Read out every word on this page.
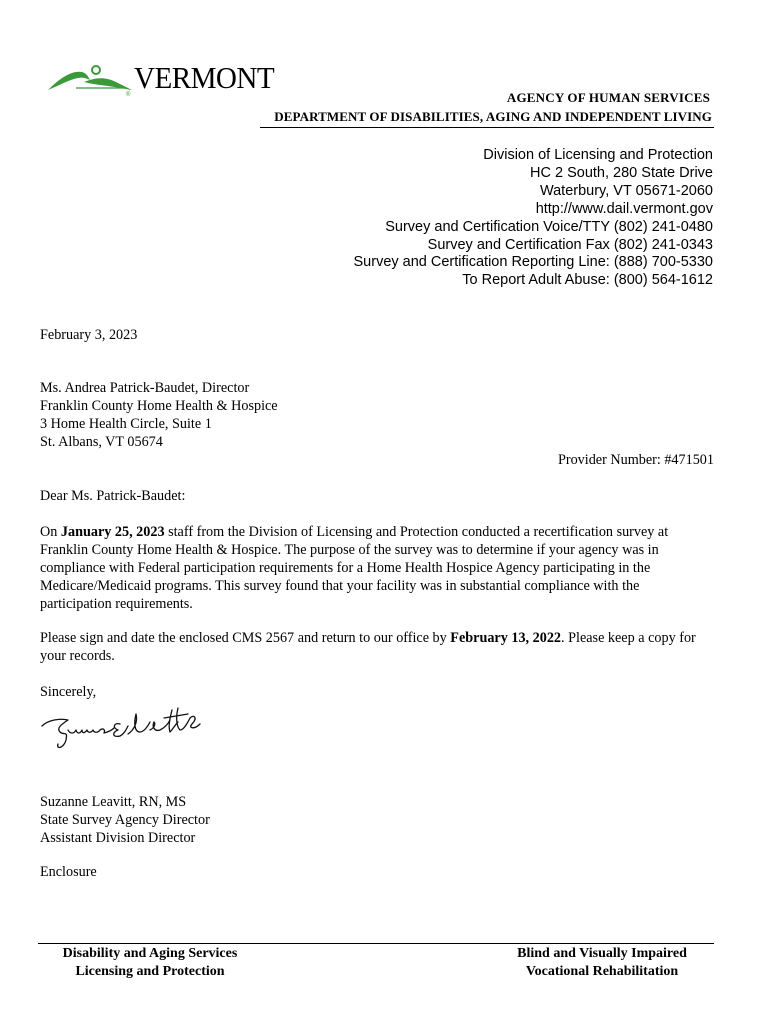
® VERMONT
AGENCY OF HUMAN SERVICES
DEPARTMENT OF DISABILITIES, AGING AND INDEPENDENT LIVING
Division of Licensing and Protection
HC 2 South, 280 State Drive
Waterbury, VT 05671-2060
http://www.dail.vermont.gov
Survey and Certification Voice/TTY (802) 241-0480
Survey and Certification Fax (802) 241-0343
Survey and Certification Reporting Line: (888) 700-5330
To Report Adult Abuse: (800) 564-1612
February 3, 2023
Ms. Andrea Patrick-Baudet, Director
Franklin County Home Health & Hospice
3 Home Health Circle, Suite 1
St. Albans, VT 05674
Provider Number: #471501
Dear Ms. Patrick-Baudet:
On January 25, 2023 staff from the Division of Licensing and Protection conducted a recertification survey at Franklin County Home Health & Hospice. The purpose of the survey was to determine if your agency was in compliance with Federal participation requirements for a Home Health Hospice Agency participating in the Medicare/Medicaid programs. This survey found that your facility was in substantial compliance with the participation requirements.
Please sign and date the enclosed CMS 2567 and return to our office by February 13, 2022. Please keep a copy for your records.
Sincerely,
Suzanne Leavitt, RN, MS
State Survey Agency Director
Assistant Division Director
Enclosure
Disability and Aging Services
Licensing and Protection
Blind and Visually Impaired
Vocational Rehabilitation
